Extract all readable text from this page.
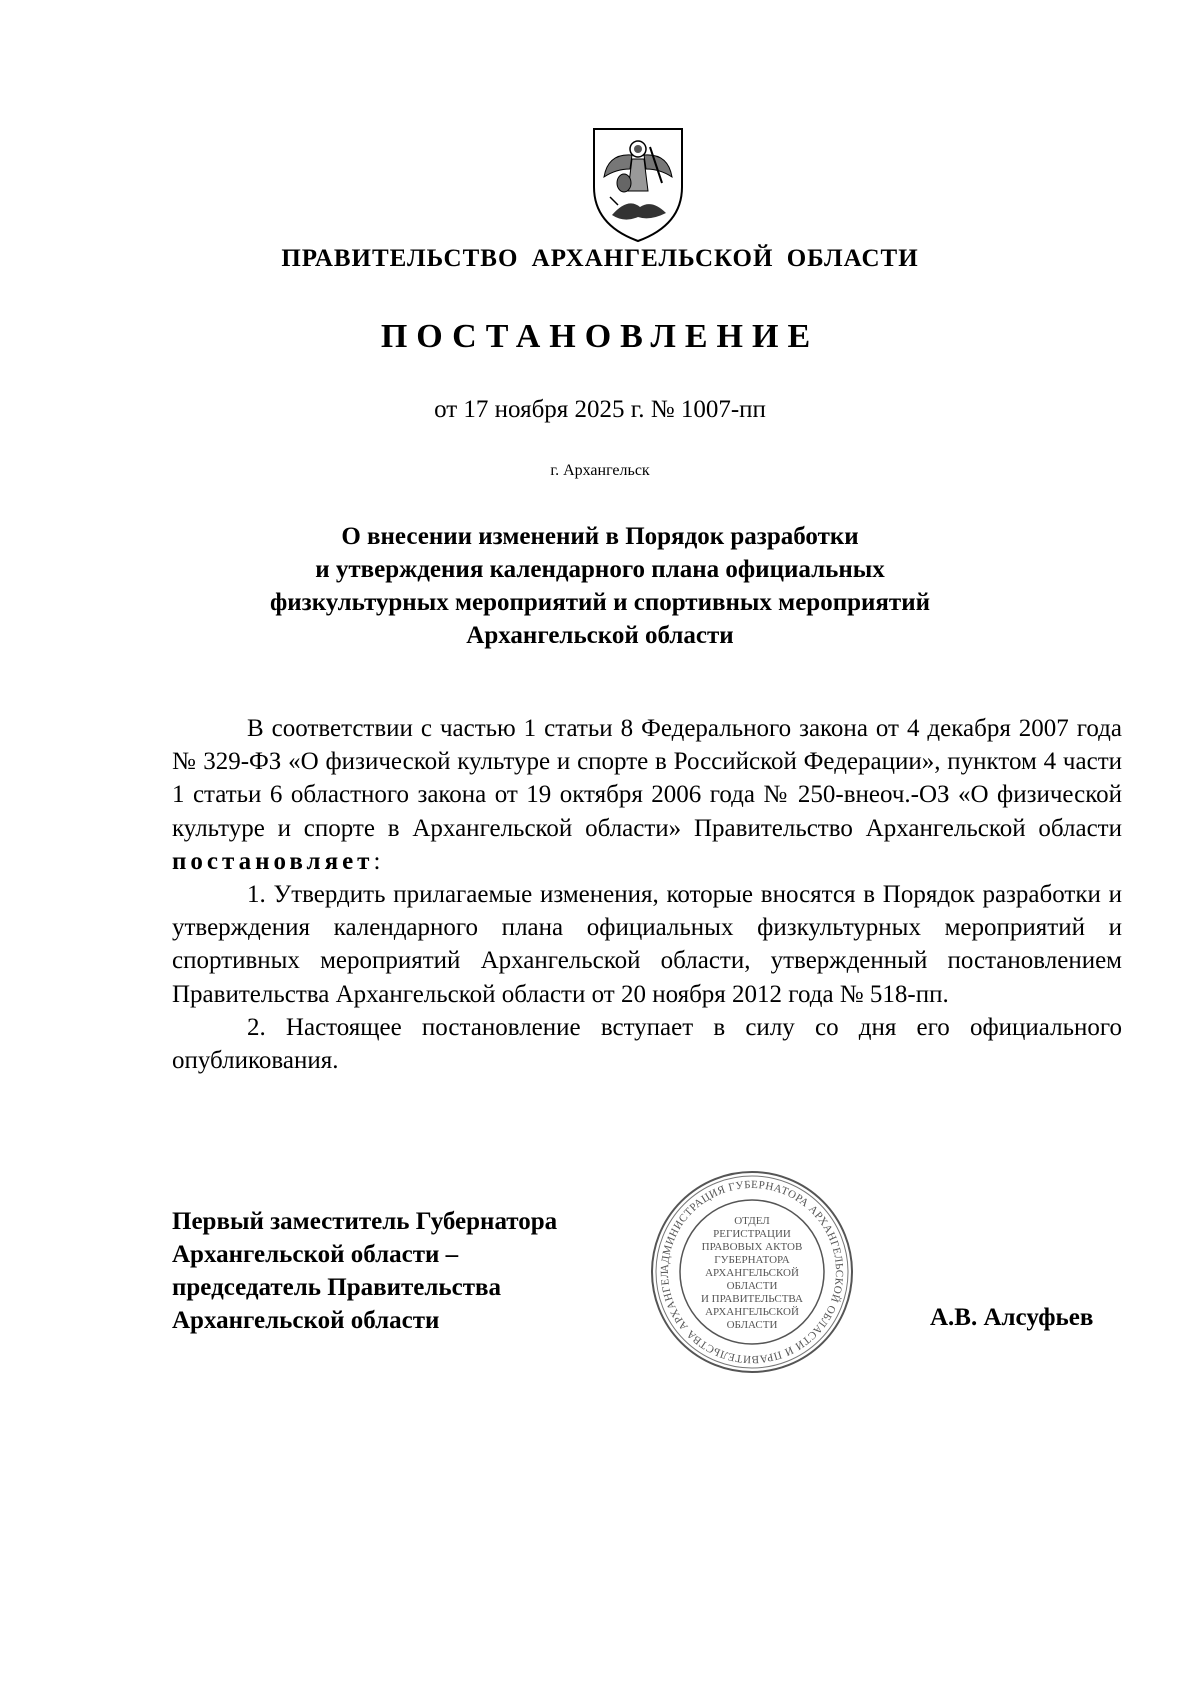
ПРАВИТЕЛЬСТВО АРХАНГЕЛЬСКОЙ ОБЛАСТИ
ПОСТАНОВЛЕНИЕ
от 17 ноября 2025 г. № 1007-пп
г. Архангельск
О внесении изменений в Порядок разработки
и утверждения календарного плана официальных
физкультурных мероприятий и спортивных мероприятий
Архангельской области

В соответствии с частью 1 статьи 8 Федерального закона от 4 декабря 2007 года № 329-ФЗ «О физической культуре и спорте в Российской Федерации», пунктом 4 части 1 статьи 6 областного закона от 19 октября 2006 года № 250-внеоч.-ОЗ «О физической культуре и спорте в Архангельской области» Правительство Архангельской области постановляет:

1. Утвердить прилагаемые изменения, которые вносятся в Порядок разработки и утверждения календарного плана официальных физкультурных мероприятий и спортивных мероприятий Архангельской области, утвержденный постановлением Правительства Архангельской области от 20 ноября 2012 года № 518-пп.

2. Настоящее постановление вступает в силу со дня его официального опубликования.

Первый заместитель Губернатора
Архангельской области –
председатель Правительства
Архангельской области	А.В. Алсуфьев
АДМИНИСТРАЦИЯ ГУБЕРНАТОРА АРХАНГЕЛЬСКОЙ ОБЛАСТИ И ПРАВИТЕЛЬСТВА АРХАНГЕЛ
ОТДЕЛ
РЕГИСТРАЦИИ
ПРАВОВЫХ АКТОВ
ГУБЕРНАТОРА
АРХАНГЕЛЬСКОЙ
ОБЛАСТИ
И ПРАВИТЕЛЬСТВА
АРХАНГЕЛЬСКОЙ
ОБЛАСТИ
